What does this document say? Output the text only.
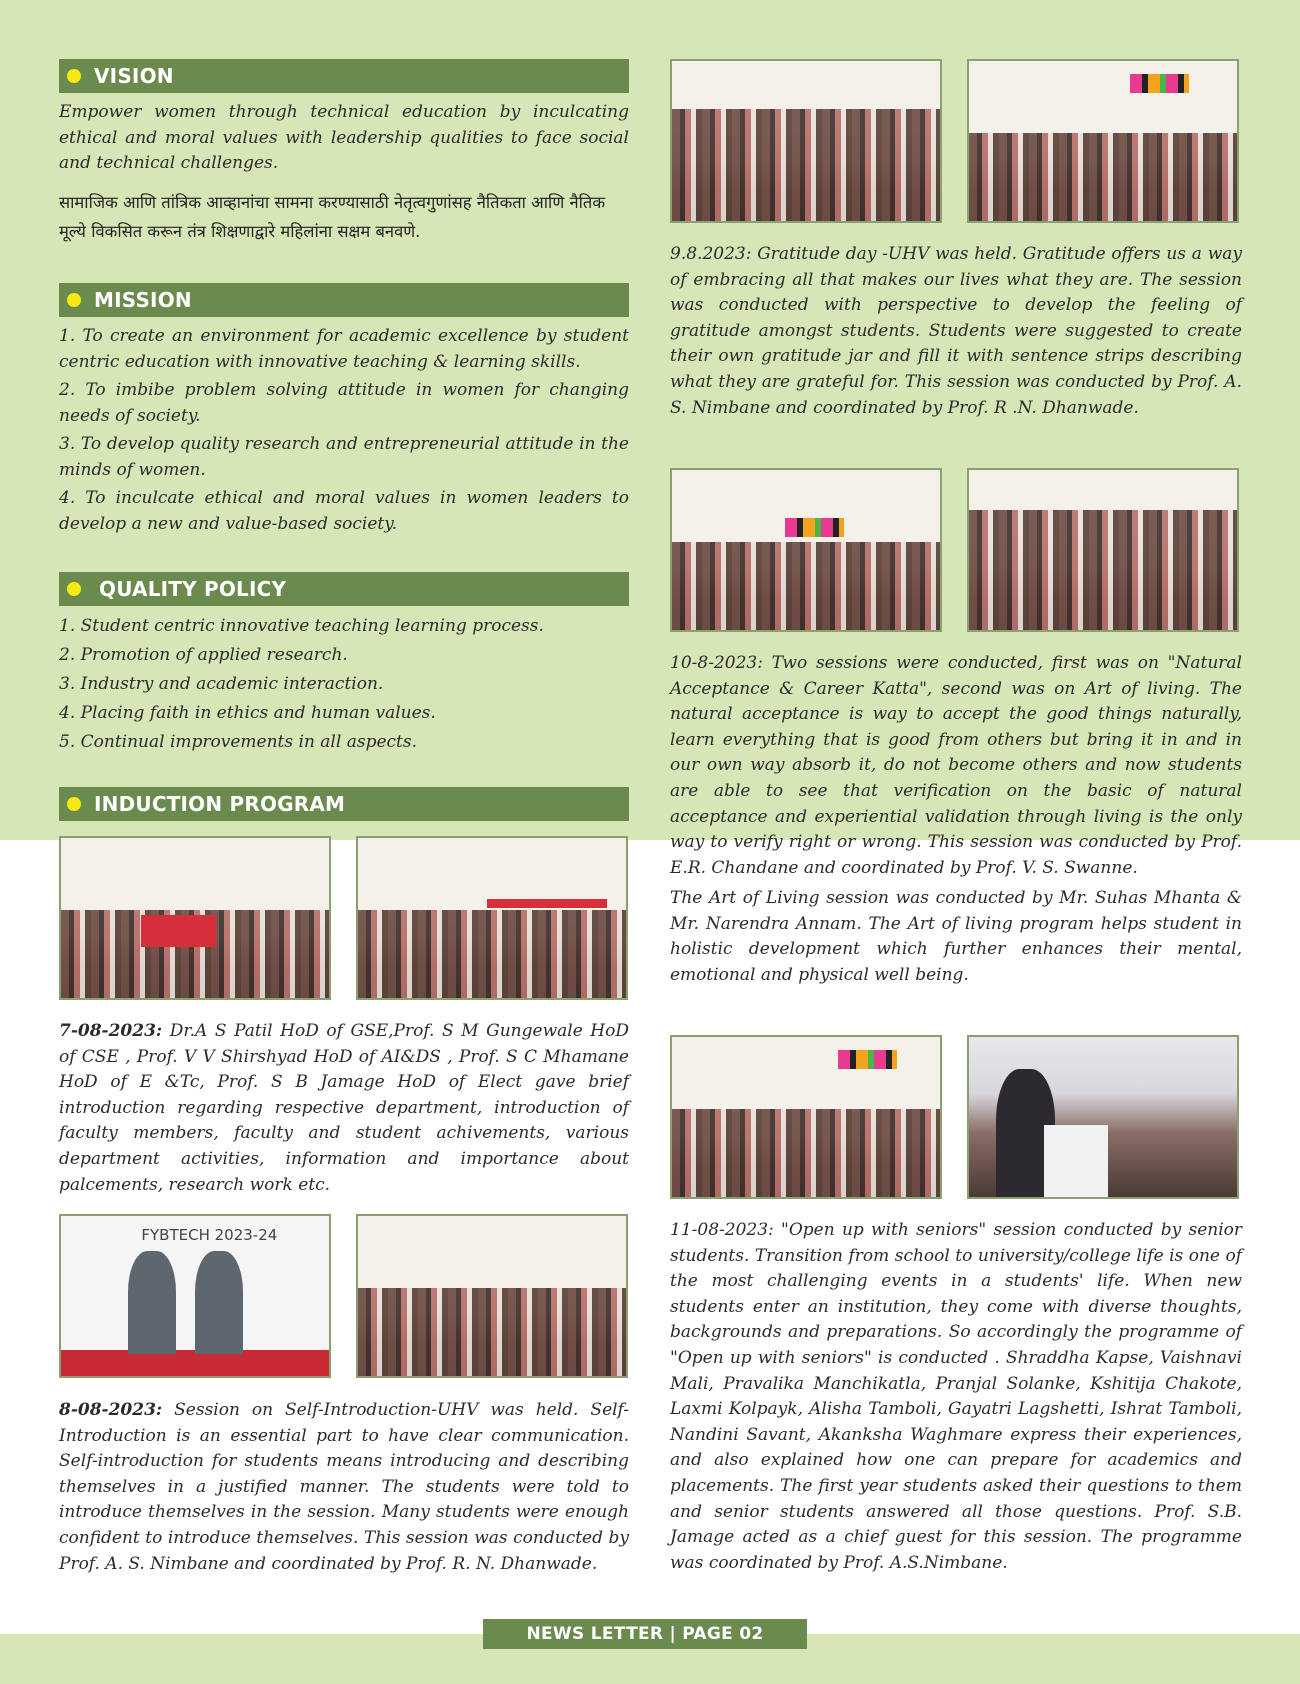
VISION

Empower women through technical education by inculcating ethical and moral values with leadership qualities to face social and technical challenges.

सामाजिक आणि तांत्रिक आव्हानांचा सामना करण्यासाठी नेतृत्वगुणांसह नैतिकता आणि नैतिक मूल्ये विकसित करून तंत्र शिक्षणाद्वारे महिलांना सक्षम बनवणे.
MISSION
1. To create an environment for academic excellence by student centric education with innovative teaching & learning skills.
2. To imbibe problem solving attitude in women for changing needs of society.
3. To develop quality research and entrepreneurial attitude in the minds of women.
4. To inculcate ethical and moral values in women leaders to develop a new and value-based society.
QUALITY POLICY
1. Student centric innovative teaching learning process.
2. Promotion of applied research.
3. Industry and academic interaction.
4. Placing faith in ethics and human values.
5. Continual improvements in all aspects.
INDUCTION PROGRAM

7-08-2023: Dr.A S Patil HoD of GSE,Prof. S M Gungewale HoD of CSE , Prof. V V Shirshyad HoD of AI&DS , Prof. S C Mhamane HoD of E &Tc, Prof. S B Jamage HoD of Elect gave brief introduction regarding respective department, introduction of faculty members, faculty and student achivements, various department activities, information and importance about palcements, research work etc.

FYBTECH 2023-24

8-08-2023: Session on Self-Introduction-UHV was held. Self-Introduction is an essential part to have clear communication. Self-introduction for students means introducing and describing themselves in a justified manner. The students were told to introduce themselves in the session. Many students were enough confident to introduce themselves. This session was conducted by Prof. A. S. Nimbane and coordinated by Prof. R. N. Dhanwade.

9.8.2023: Gratitude day -UHV was held. Gratitude offers us a way of embracing all that makes our lives what they are. The session was conducted with perspective to develop the feeling of gratitude amongst students. Students were suggested to create their own gratitude jar and fill it with sentence strips describing what they are grateful for. This session was conducted by Prof. A. S. Nimbane and coordinated by Prof. R .N. Dhanwade.

10-8-2023: Two sessions were conducted, first was on "Natural Acceptance & Career Katta", second was on Art of living. The natural acceptance is way to accept the good things naturally, learn everything that is good from others but bring it in and in our own way absorb it, do not become others and now students are able to see that verification on the basic of natural acceptance and experiential validation through living is the only way to verify right or wrong. This session was conducted by Prof. E.R. Chandane and coordinated by Prof. V. S. Swanne.

The Art of Living session was conducted by Mr. Suhas Mhanta & Mr. Narendra Annam. The Art of living program helps student in holistic development which further enhances their mental, emotional and physical well being.

11-08-2023: "Open up with seniors" session conducted by senior students. Transition from school to university/college life is one of the most challenging events in a students' life. When new students enter an institution, they come with diverse thoughts, backgrounds and preparations. So accordingly the programme of "Open up with seniors" is conducted . Shraddha Kapse, Vaishnavi Mali, Pravalika Manchikatla, Pranjal Solanke, Kshitija Chakote, Laxmi Kolpayk, Alisha Tamboli, Gayatri Lagshetti, Ishrat Tamboli, Nandini Savant, Akanksha Waghmare express their experiences, and also explained how one can prepare for academics and placements. The first year students asked their questions to them and senior students answered all those questions. Prof. S.B. Jamage acted as a chief guest for this session. The programme was coordinated by Prof. A.S.Nimbane.

NEWS LETTER | PAGE 02
